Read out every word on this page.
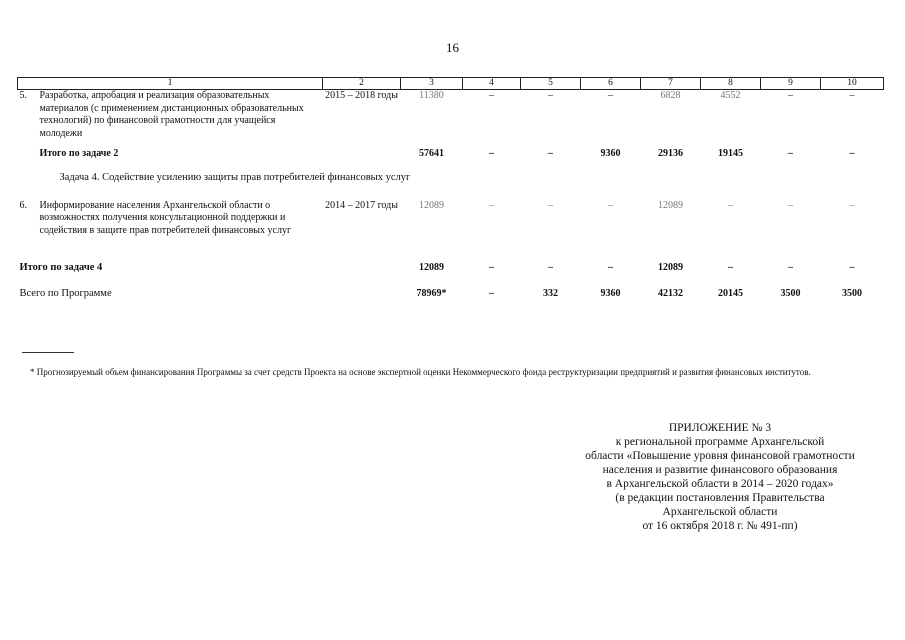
16
1	2	3	4	5	6	7	8	9	10
5. Разработка, апробация и реализация образовательных материалов (с применением дистанционных образовательных технологий) по финансовой грамотности для учащейся молодежи	2015 – 2018 годы	11380	–	–	–	6828	4552	–	–
Итого по задаче 2		57641	–	–	9360	29136	19145	–	–
Задача 4. Содействие усилению защиты прав потребителей финансовых услуг									
6. Информирование населения Архангельской области о возможностях получения консультационной поддержки и содействия в защите прав потребителей финансовых услуг	2014 – 2017 годы	12089	–	–	–	12089	–	–	–
Итого по задаче 4		12089	–	–	–	12089	–	–	–
Всего по Программе		78969*	–	332	9360	42132	20145	3500	3500
* Прогнозируемый объем финансирования Программы за счет средств Проекта на основе экспертной оценки Некоммерческого фонда реструктуризации предприятий и развития финансовых институтов.
ПРИЛОЖЕНИЕ № 3
к региональной программе Архангельской
области «Повышение уровня финансовой грамотности
населения и развитие финансового образования
в Архангельской области в 2014 – 2020 годах»
(в редакции постановления Правительства
Архангельской области
от 16 октября 2018 г. № 491-пп)
